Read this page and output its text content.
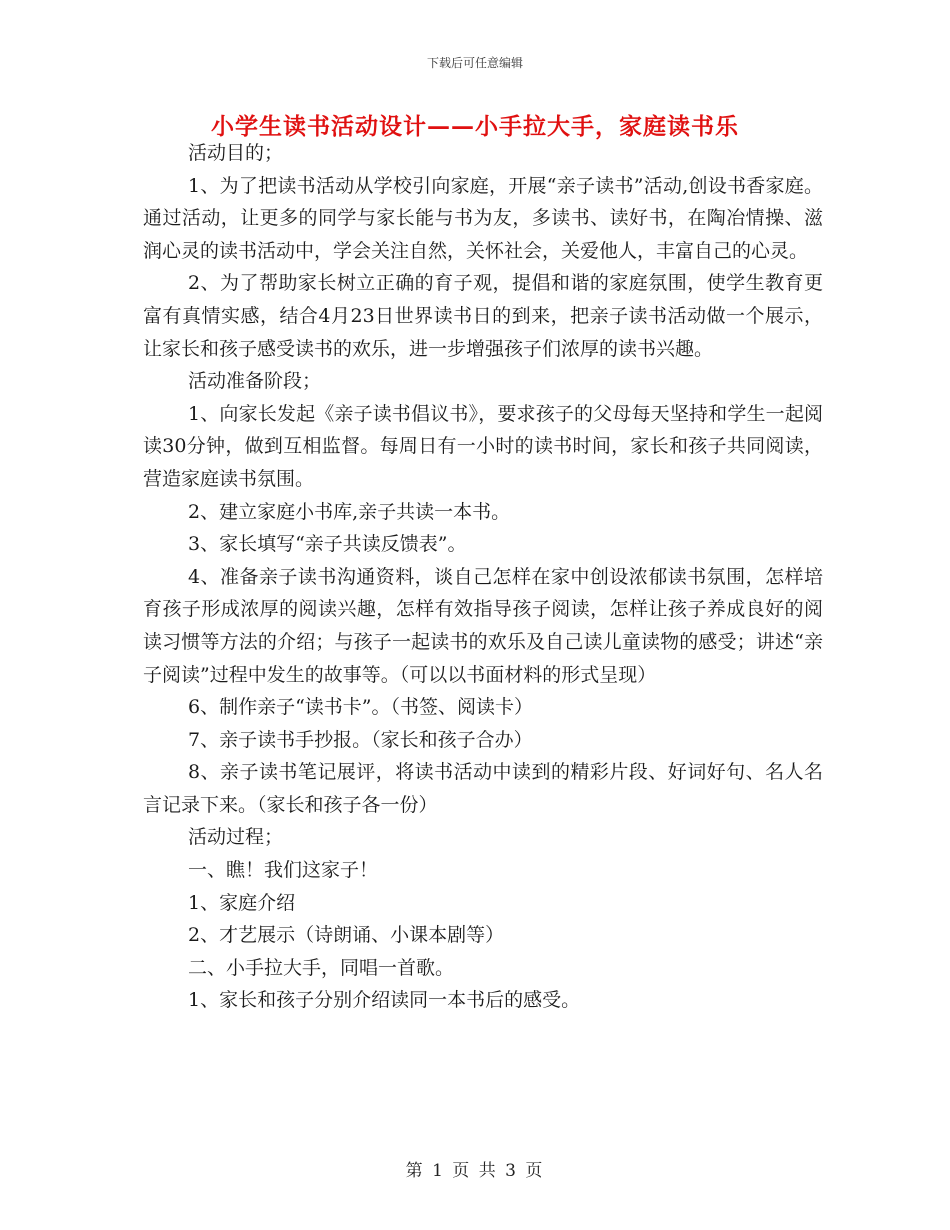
下载后可任意编辑
小学生读书活动设计——小手拉大手，家庭读书乐

活动目的；

1、为了把读书活动从学校引向家庭，开展“亲子读书”活动,创设书香家庭。通过活动，让更多的同学与家长能与书为友，多读书、读好书，在陶冶情操、滋润心灵的读书活动中，学会关注自然，关怀社会，关爱他人，丰富自己的心灵。

2、为了帮助家长树立正确的育子观，提倡和谐的家庭氛围，使学生教育更富有真情实感，结合4月23日世界读书日的到来，把亲子读书活动做一个展示，让家长和孩子感受读书的欢乐，进一步增强孩子们浓厚的读书兴趣。

活动准备阶段；

1、向家长发起《亲子读书倡议书》，要求孩子的父母每天坚持和学生一起阅读30分钟，做到互相监督。每周日有一小时的读书时间，家长和孩子共同阅读，营造家庭读书氛围。

2、建立家庭小书库,亲子共读一本书。

3、家长填写“亲子共读反馈表”。

4、准备亲子读书沟通资料，谈自己怎样在家中创设浓郁读书氛围，怎样培育孩子形成浓厚的阅读兴趣，怎样有效指导孩子阅读，怎样让孩子养成良好的阅读习惯等方法的介绍；与孩子一起读书的欢乐及自己读儿童读物的感受；讲述“亲子阅读”过程中发生的故事等。（可以以书面材料的形式呈现）

6、制作亲子“读书卡”。（书签、阅读卡）

7、亲子读书手抄报。（家长和孩子合办）

8、亲子读书笔记展评，将读书活动中读到的精彩片段、好词好句、名人名言记录下来。（家长和孩子各一份）

活动过程；

一、瞧！我们这家子！

1、家庭介绍

2、才艺展示（诗朗诵、小课本剧等）

二、小手拉大手，同唱一首歌。

1、家长和孩子分别介绍读同一本书后的感受。

第 1 页 共 3 页
